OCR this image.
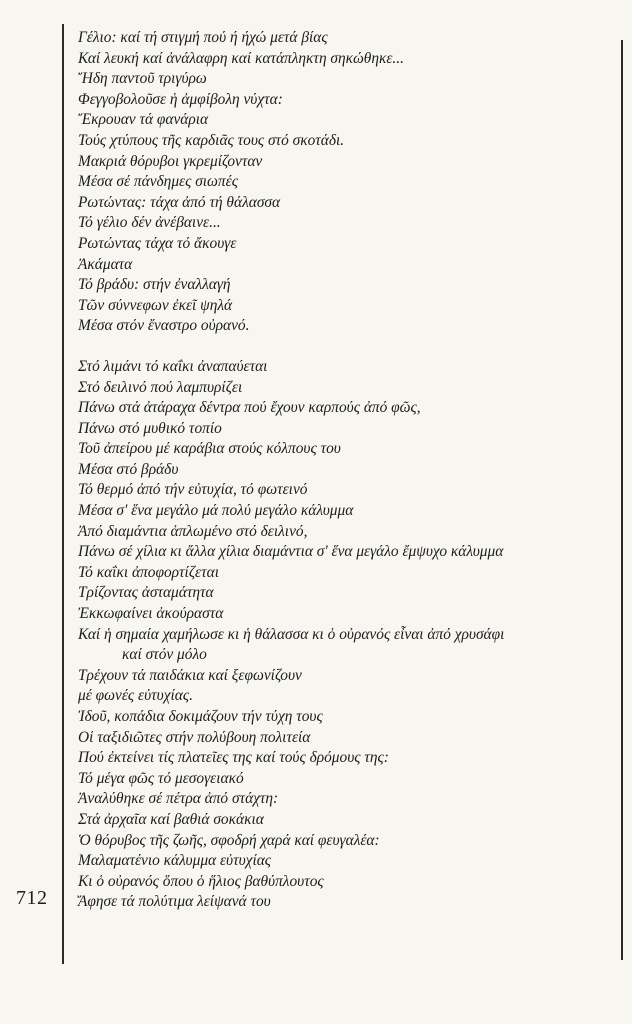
712
Γέλιο: καί τή στιγμή πού ή ήχώ μετά βίας
Καί λευκή καί ἀνάλαφρη καί κατάπληκτη σηκώθηκε...
Ἤδη παντοῦ τριγύρω
Φεγγοβολοῦσε ἡ ἀμφίβολη νύχτα:
Ἔκρουαν τά φανάρια
Τούς χτύπους τῆς καρδιᾶς τους στό σκοτάδι.
Μακριά θόρυβοι γκρεμίζονταν
Μέσα σέ πάνδημες σιωπές
Ρωτώντας: τάχα ἀπό τή θάλασσα
Τό γέλιο δέν ἀνέβαινε...
Ρωτώντας τάχα τό ἄκουγε
Ἀκάματα
Τό βράδυ: στήν ἐναλλαγή
Τῶν σύννεφων ἐκεῖ ψηλά
Μέσα στόν ἔναστρο οὐρανό.
Στό λιμάνι τό καΐκι ἀναπαύεται
Στό δειλινό πού λαμπυρίζει
Πάνω στά ἀτάραχα δέντρα πού ἔχουν καρπούς ἀπό φῶς,
Πάνω στό μυθικό τοπίο
Τοῦ ἀπείρου μέ καράβια στούς κόλπους του
Μέσα στό βράδυ
Τό θερμό ἀπό τήν εὐτυχία, τό φωτεινό
Μέσα σ' ἕνα μεγάλο μά πολύ μεγάλο κάλυμμα
Ἀπό διαμάντια ἁπλωμένο στό δειλινό,
Πάνω σέ χίλια κι ἄλλα χίλια διαμάντια σ' ἕνα μεγάλο ἔμψυχο κάλυμμα
Τό καΐκι ἀποφορτίζεται
Τρίζοντας ἀσταμάτητα
Ἐκκωφαίνει ἀκούραστα
Καί ἡ σημαία χαμήλωσε κι ἡ θάλασσα κι ὁ οὐρανός εἶναι ἀπό χρυσάφι
καί στόν μόλο
Τρέχουν τά παιδάκια καί ξεφωνίζουν
μέ φωνές εὐτυχίας.
Ἰδοῦ, κοπάδια δοκιμάζουν τήν τύχη τους
Οἱ ταξιδιῶτες στήν πολύβουη πολιτεία
Πού ἐκτείνει τίς πλατεῖες της καί τούς δρόμους της:
Τό μέγα φῶς τό μεσογειακό
Ἀναλύθηκε σέ πέτρα ἀπό στάχτη:
Στά ἀρχαῖα καί βαθιά σοκάκια
Ὁ θόρυβος τῆς ζωῆς, σφοδρή χαρά καί φευγαλέα:
Μαλαματένιο κάλυμμα εὐτυχίας
Κι ὁ οὐρανός ὅπου ὁ ἥλιος βαθύπλουτος
Ἄφησε τά πολύτιμα λείψανά του
